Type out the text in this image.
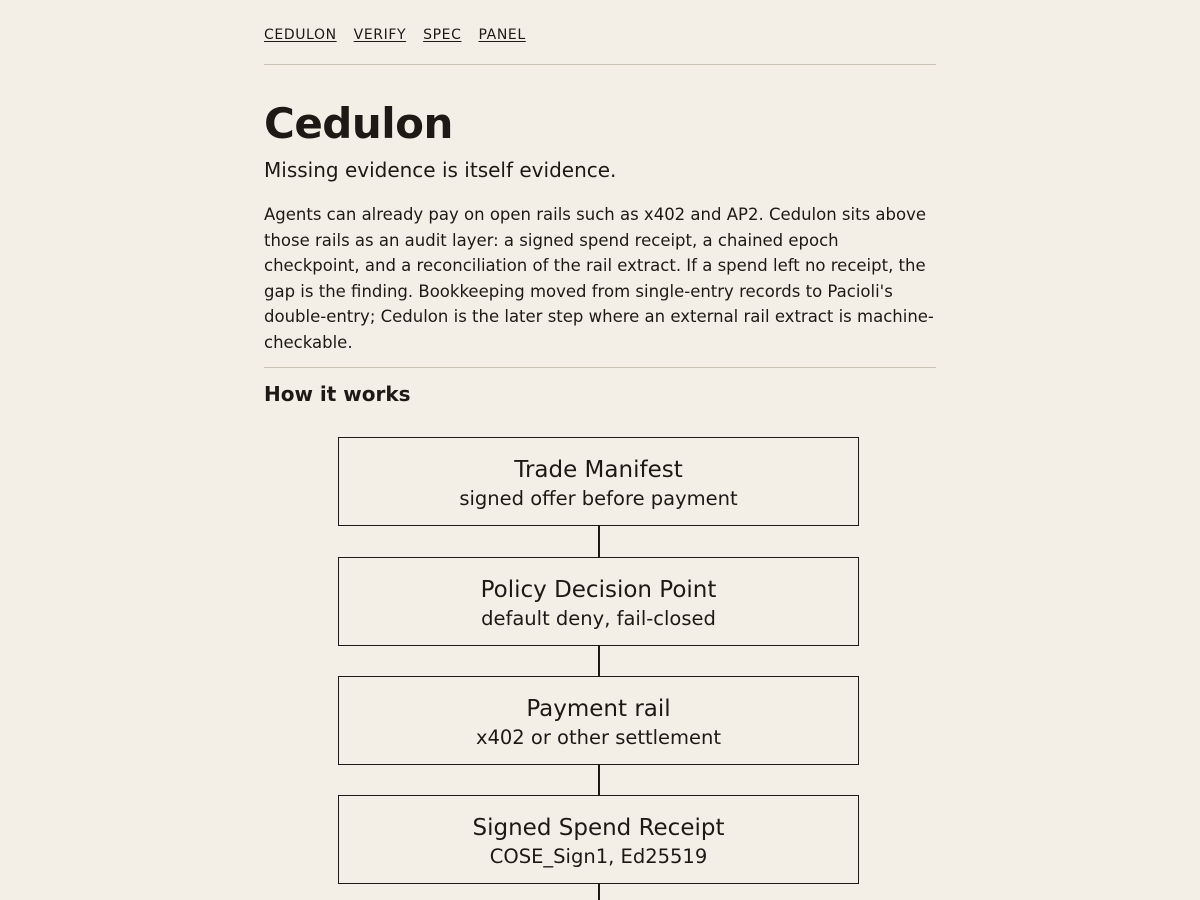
CEDULON VERIFY SPEC PANEL
Cedulon

Missing evidence is itself evidence.

Agents can already pay on open rails such as x402 and AP2. Cedulon sits above those rails as an audit layer: a signed spend receipt, a chained epoch checkpoint, and a reconciliation of the rail extract. If a spend left no receipt, the gap is the finding. Bookkeeping moved from single-entry records to Pacioli's double-entry; Cedulon is the later step where an external rail extract is machine-checkable.

How it works
Trade Manifest
signed offer before payment
Policy Decision Point
default deny, fail-closed
Payment rail
x402 or other settlement
Signed Spend Receipt
COSE_Sign1, Ed25519
